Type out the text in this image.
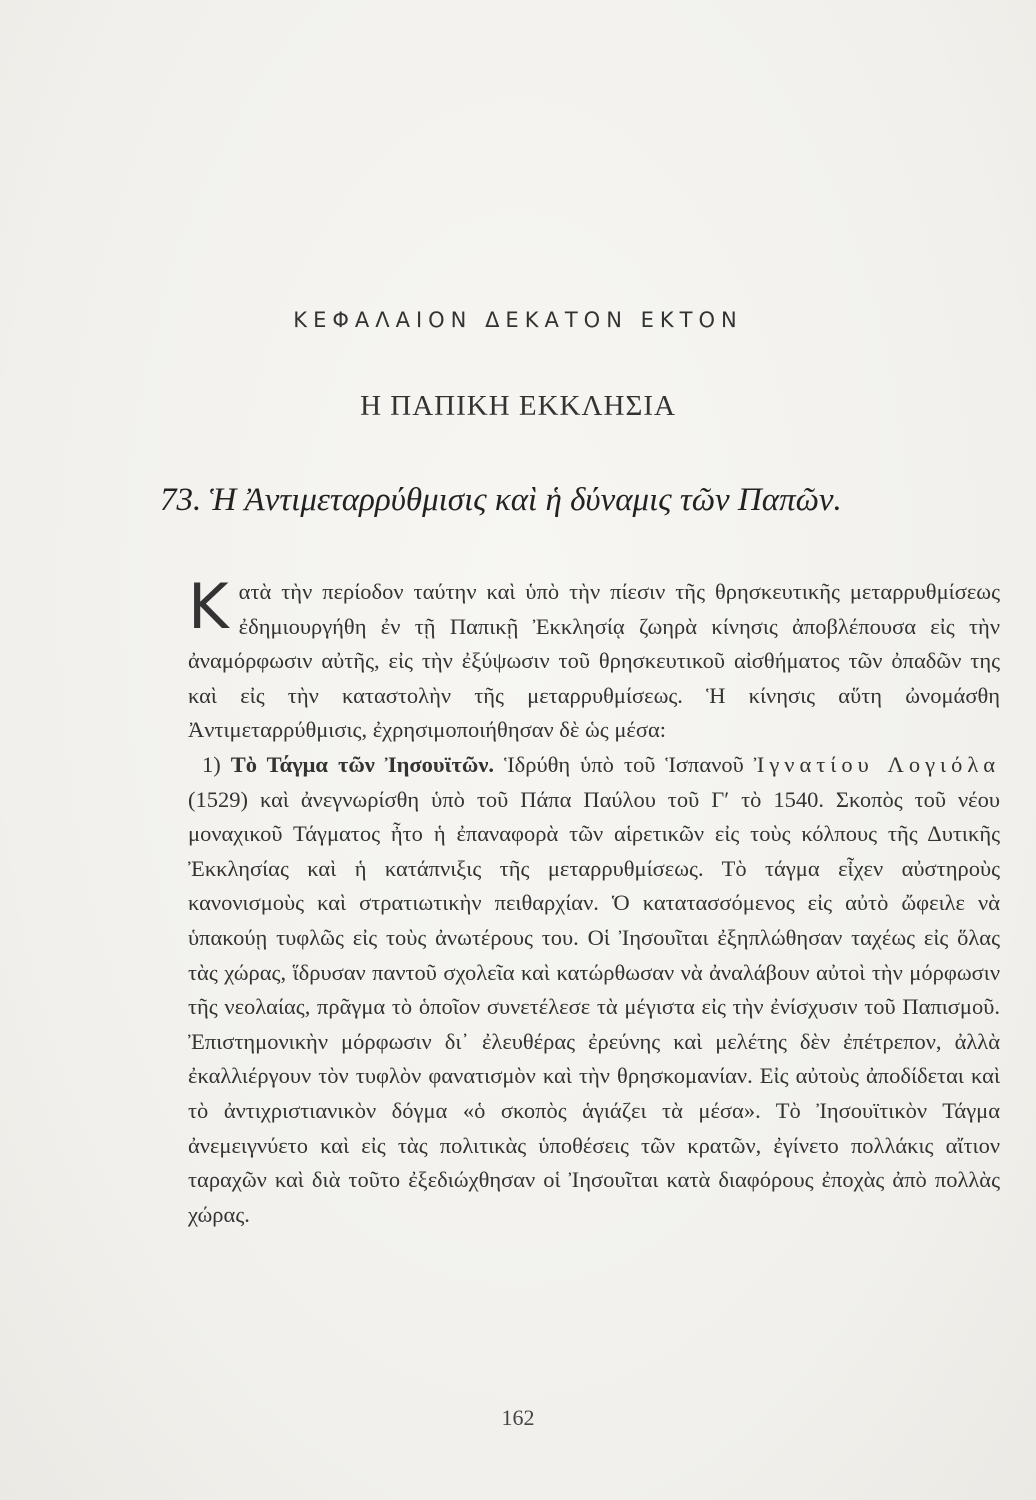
ΚΕΦΑΛΑΙΟΝ ΔΕΚΑΤΟΝ ΕΚΤΟΝ
Η ΠΑΠΙΚΗ ΕΚΚΛΗΣΙΑ
73. Ἡ Ἀντιμεταρρύθμισις καὶ ἡ δύναμις τῶν Παπῶν.

Κατὰ τὴν περίοδον ταύτην καὶ ὑπὸ τὴν πίεσιν τῆς θρησκευτικῆς μεταρρυθμίσεως ἐδημιουργήθη ἐν τῇ Παπικῇ Ἐκκλησίᾳ ζωηρὰ κίνησις ἀποβλέπουσα εἰς τὴν ἀναμόρφωσιν αὐτῆς, εἰς τὴν ἐξύψωσιν τοῦ θρησκευτικοῦ αἰσθήματος τῶν ὀπαδῶν της καὶ εἰς τὴν καταστολὴν τῆς μεταρρυθμίσεως. Ἡ κίνησις αὕτη ὠνομάσθη Ἀντιμεταρρύθμισις, ἐχρησιμοποιήθησαν δὲ ὡς μέσα:

1) Τὸ Τάγμα τῶν Ἰησουϊτῶν. Ἱδρύθη ὑπὸ τοῦ Ἱσπανοῦ Ἰγνατίου Λογιόλα (1529) καὶ ἀνεγνωρίσθη ὑπὸ τοῦ Πάπα Παύλου τοῦ Γ′ τὸ 1540. Σκοπὸς τοῦ νέου μοναχικοῦ Τάγματος ἦτο ἡ ἐπαναφορὰ τῶν αἱρετικῶν εἰς τοὺς κόλπους τῆς Δυτικῆς Ἐκκλησίας καὶ ἡ κατάπνιξις τῆς μεταρρυθμίσεως. Τὸ τάγμα εἶχεν αὐστηροὺς κανονισμοὺς καὶ στρατιωτικὴν πειθαρχίαν. Ὁ κατατασσόμενος εἰς αὐτὸ ὤφειλε νὰ ὑπακούῃ τυφλῶς εἰς τοὺς ἀνωτέρους του. Οἱ Ἰησουῖται ἐξηπλώθησαν ταχέως εἰς ὅλας τὰς χώρας, ἵδρυσαν παντοῦ σχολεῖα καὶ κατώρθωσαν νὰ ἀναλάβουν αὐτοὶ τὴν μόρφωσιν τῆς νεολαίας, πρᾶγμα τὸ ὁποῖον συνετέλεσε τὰ μέγιστα εἰς τὴν ἐνίσχυσιν τοῦ Παπισμοῦ. Ἐπιστημονικὴν μόρφωσιν δι᾽ ἐλευθέρας ἐρεύνης καὶ μελέτης δὲν ἐπέτρεπον, ἀλλὰ ἐκαλλιέργουν τὸν τυφλὸν φανατισμὸν καὶ τὴν θρησκομανίαν. Εἰς αὐτοὺς ἀποδίδεται καὶ τὸ ἀντιχριστιανικὸν δόγμα «ὁ σκοπὸς ἁγιάζει τὰ μέσα». Τὸ Ἰησουϊτικὸν Τάγμα ἀνεμειγνύετο καὶ εἰς τὰς πολιτικὰς ὑποθέσεις τῶν κρατῶν, ἐγίνετο πολλάκις αἴτιον ταραχῶν καὶ διὰ τοῦτο ἐξεδιώχθησαν οἱ Ἰησουῖται κατὰ διαφόρους ἐποχὰς ἀπὸ πολλὰς χώρας.

162
